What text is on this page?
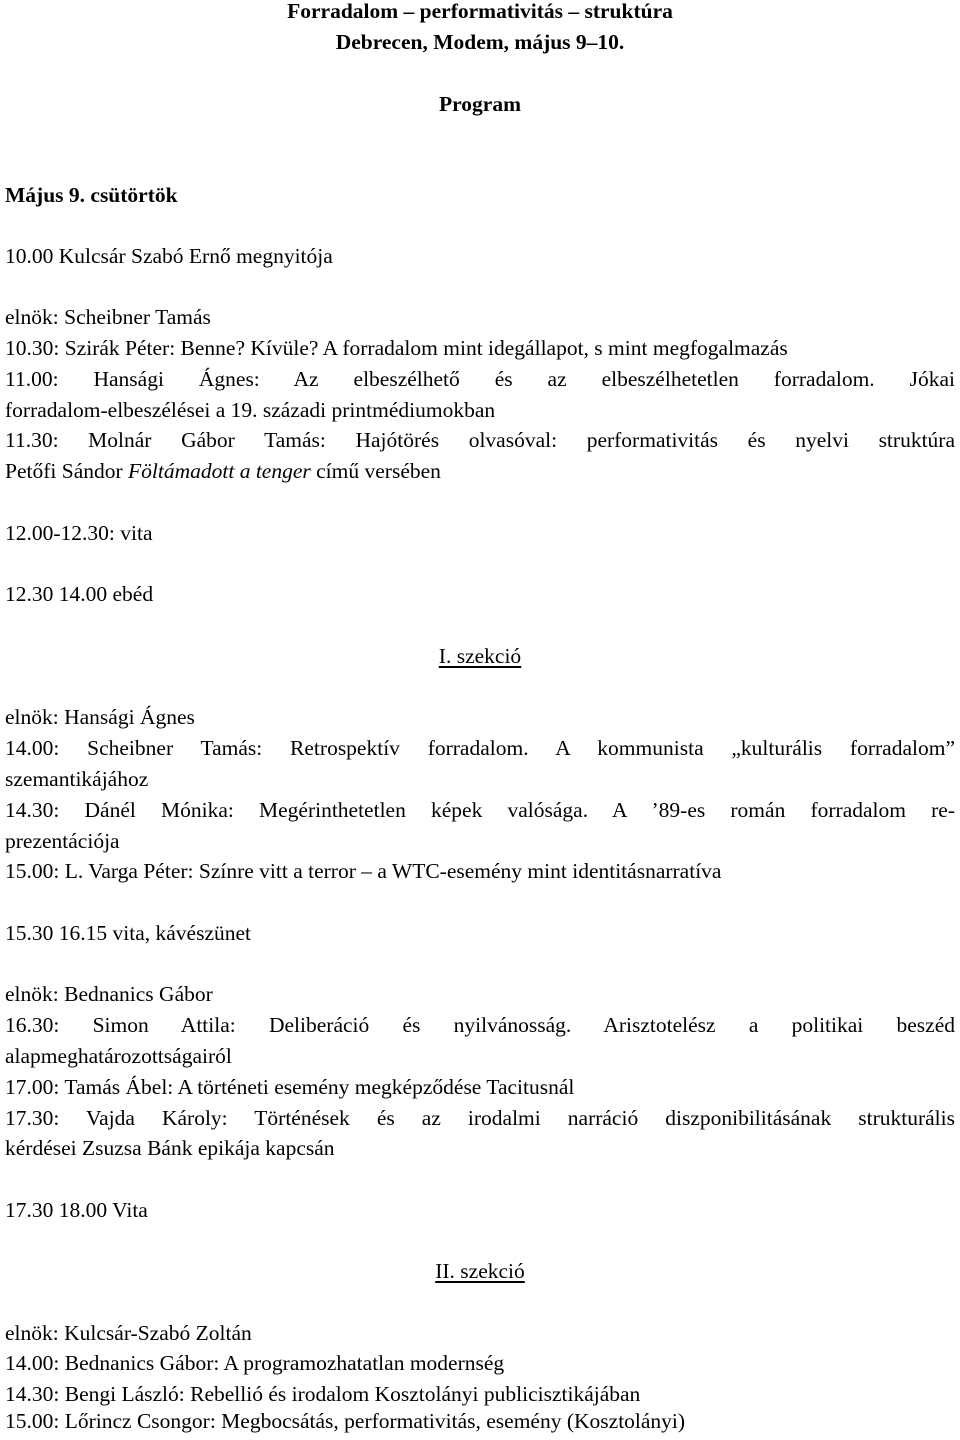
Forradalom – performativitás – struktúra
Debrecen, Modem, május 9–10.
Program
Május 9. csütörtök
10.00 Kulcsár Szabó Ernő megnyitója
elnök: Scheibner Tamás
10.30: Szirák Péter: Benne? Kívüle? A forradalom mint idegállapot, s mint megfogalmazás
11.00: Hansági Ágnes: Az elbeszélhető és az elbeszélhetetlen forradalom. Jókai
forradalom-elbeszélései a 19. századi printmédiumokban
11.30: Molnár Gábor Tamás: Hajótörés olvasóval: performativitás és nyelvi struktúra
Petőfi Sándor Föltámadott a tenger című versében
12.00-12.30: vita
12.30 14.00 ebéd
I. szekció
elnök: Hansági Ágnes
14.00: Scheibner Tamás: Retrospektív forradalom. A kommunista „kulturális forradalom”
szemantikájához
14.30: Dánél Mónika: Megérinthetetlen képek valósága. A ’89-es román forradalom re-
prezentációja
15.00: L. Varga Péter: Színre vitt a terror – a WTC-esemény mint identitásnarratíva
15.30 16.15 vita, kávészünet
elnök: Bednanics Gábor
16.30: Simon Attila: Deliberáció és nyilvánosság. Arisztotelész a politikai beszéd
alapmeghatározottságairól
17.00: Tamás Ábel: A történeti esemény megképződése Tacitusnál
17.30: Vajda Károly: Történések és az irodalmi narráció diszponibilitásának strukturális
kérdései Zsuzsa Bánk epikája kapcsán
17.30 18.00 Vita
II. szekció
elnök: Kulcsár-Szabó Zoltán
14.00: Bednanics Gábor: A programozhatatlan modernség
14.30: Bengi László: Rebellió és irodalom Kosztolányi publicisztikájában
15.00: Lőrincz Csongor: Megbocsátás, performativitás, esemény (Kosztolányi)
